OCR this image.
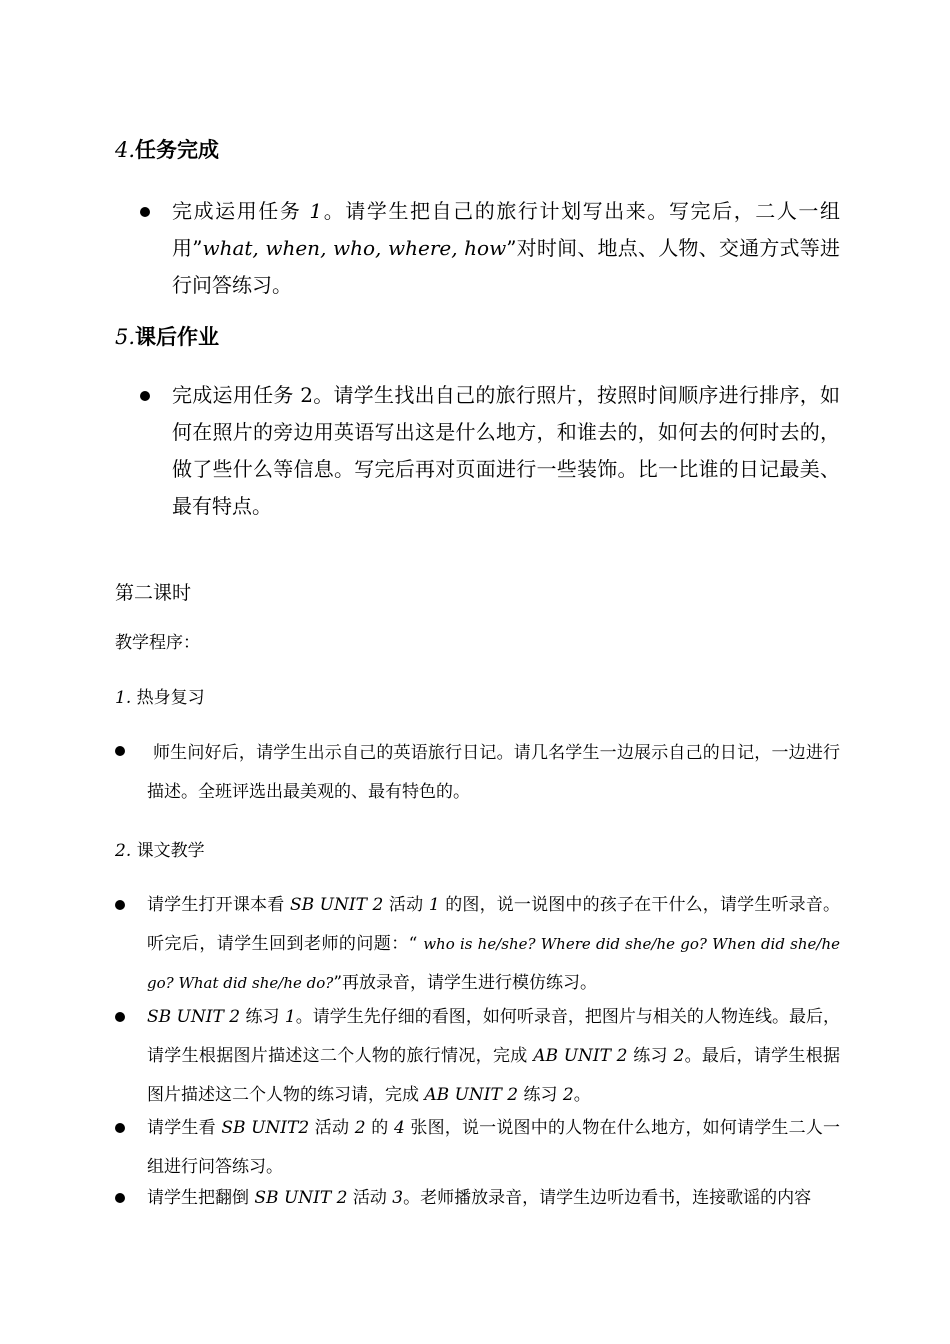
4.任务完成

完成运用任务 1。请学生把自己的旅行计划写出来。写完后，二人一组用”what, when, who, where, how”对时间、地点、人物、交通方式等进行问答练习。

5.课后作业

完成运用任务 2。请学生找出自己的旅行照片，按照时间顺序进行排序，如何在照片的旁边用英语写出这是什么地方，和谁去的，如何去的何时去的，做了些什么等信息。写完后再对页面进行一些装饰。比一比谁的日记最美、最有特点。

第二课时

教学程序：

1. 热身复习

师生问好后，请学生出示自己的英语旅行日记。请几名学生一边展示自己的日记，一边进行描述。全班评选出最美观的、最有特色的。

2. 课文教学

请学生打开课本看 SB UNIT 2 活动 1 的图，说一说图中的孩子在干什么，请学生听录音。听完后，请学生回到老师的问题：“ who is he/she? Where did she/he go? When did she/he go? What did she/he do?”再放录音，请学生进行模仿练习。

SB UNIT 2 练习 1。请学生先仔细的看图，如何听录音，把图片与相关的人物连线。最后，请学生根据图片描述这二个人物的旅行情况，完成 AB UNIT 2 练习 2。最后，请学生根据图片描述这二个人物的练习请，完成 AB UNIT 2 练习 2。

请学生看 SB UNIT2 活动 2 的 4 张图，说一说图中的人物在什么地方，如何请学生二人一组进行问答练习。

请学生把翻倒 SB UNIT 2 活动 3。老师播放录音，请学生边听边看书，连接歌谣的内容
